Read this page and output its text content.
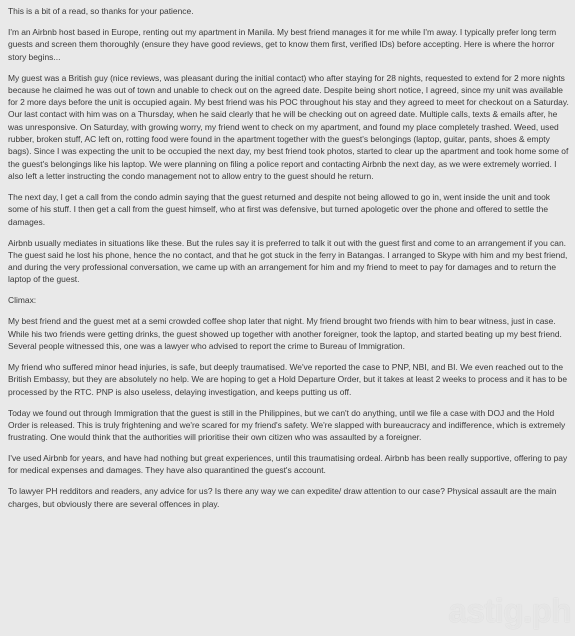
This is a bit of a read, so thanks for your patience.

I'm an Airbnb host based in Europe, renting out my apartment in Manila. My best friend manages it for me while I'm away. I typically prefer long term guests and screen them thoroughly (ensure they have good reviews, get to know them first, verified IDs) before accepting. Here is where the horror story begins...

My guest was a British guy (nice reviews, was pleasant during the initial contact) who after staying for 28 nights, requested to extend for 2 more nights because he claimed he was out of town and unable to check out on the agreed date. Despite being short notice, I agreed, since my unit was available for 2 more days before the unit is occupied again. My best friend was his POC throughout his stay and they agreed to meet for checkout on a Saturday. Our last contact with him was on a Thursday, when he said clearly that he will be checking out on agreed date. Multiple calls, texts & emails after, he was unresponsive. On Saturday, with growing worry, my friend went to check on my apartment, and found my place completely trashed. Weed, used rubber, broken stuff, AC left on, rotting food were found in the apartment together with the guest's belongings (laptop, guitar, pants, shoes & empty bags). Since I was expecting the unit to be occupied the next day, my best friend took photos, started to clear up the apartment and took home some of the guest's belongings like his laptop. We were planning on filing a police report and contacting Airbnb the next day, as we were extremely worried. I also left a letter instructing the condo management not to allow entry to the guest should he return.

The next day, I get a call from the condo admin saying that the guest returned and despite not being allowed to go in, went inside the unit and took some of his stuff. I then get a call from the guest himself, who at first was defensive, but turned apologetic over the phone and offered to settle the damages.

Airbnb usually mediates in situations like these. But the rules say it is preferred to talk it out with the guest first and come to an arrangement if you can. The guest said he lost his phone, hence the no contact, and that he got stuck in the ferry in Batangas. I arranged to Skype with him and my best friend, and during the very professional conversation, we came up with an arrangement for him and my friend to meet to pay for damages and to return the laptop of the guest.

Climax:

My best friend and the guest met at a semi crowded coffee shop later that night. My friend brought two friends with him to bear witness, just in case. While his two friends were getting drinks, the guest showed up together with another foreigner, took the laptop, and started beating up my best friend. Several people witnessed this, one was a lawyer who advised to report the crime to Bureau of Immigration.

My friend who suffered minor head injuries, is safe, but deeply traumatised. We've reported the case to PNP, NBI, and BI. We even reached out to the British Embassy, but they are absolutely no help. We are hoping to get a Hold Departure Order, but it takes at least 2 weeks to process and it has to be processed by the RTC. PNP is also useless, delaying investigation, and keeps putting us off.

Today we found out through Immigration that the guest is still in the Philippines, but we can't do anything, until we file a case with DOJ and the Hold Order is released. This is truly frightening and we're scared for my friend's safety. We're slapped with bureaucracy and indifference, which is extremely frustrating. One would think that the authorities will prioritise their own citizen who was assaulted by a foreigner.

I've used Airbnb for years, and have had nothing but great experiences, until this traumatising ordeal. Airbnb has been really supportive, offering to pay for medical expenses and damages. They have also quarantined the guest's account.

To lawyer PH redditors and readers, any advice for us? Is there any way we can expedite/ draw attention to our case? Physical assault are the main charges, but obviously there are several offences in play.

astig.ph
